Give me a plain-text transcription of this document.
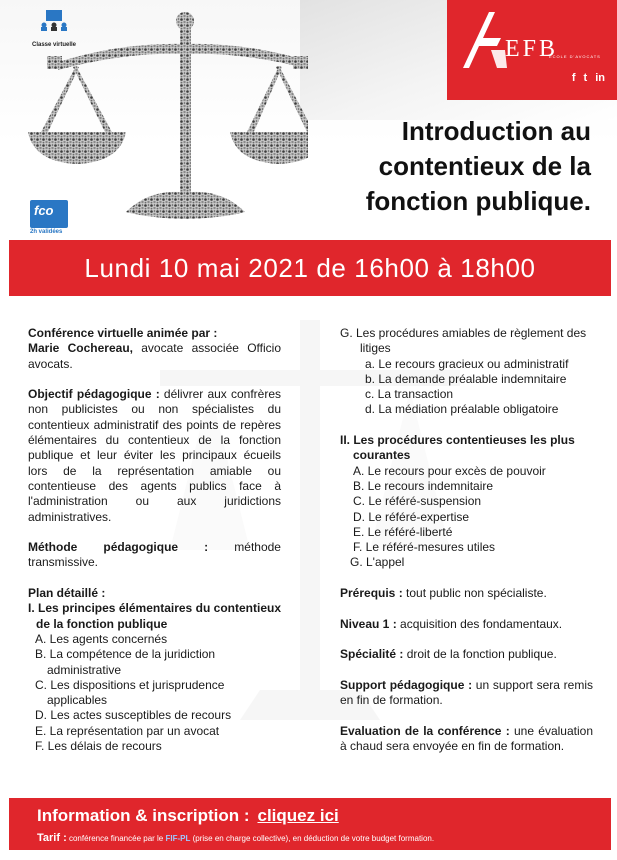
Classe virtuelle
fco
2h validées
EFB
ÉCOLE D'AVOCATS
f t in
Introduction au
contentieux de la
fonction publique.
Lundi 10 mai 2021 de 16h00 à 18h00
Conférence virtuelle animée par :
Marie Cochereau, avocate associée Officio avocats.
Objectif pédagogique : délivrer aux confrères non publicistes ou non spécialistes du contentieux administratif des points de repères élémentaires du contentieux de la fonction publique et leur éviter les principaux écueils lors de la représentation amiable ou contentieuse des agents publics face à l'administration ou aux juridictions administratives.
Méthode pédagogique : méthode transmissive.
Plan détaillé :
I. Les principes élémentaires du contentieux de la fonction publique
A. Les agents concernés
B. La compétence de la juridiction administrative
C. Les dispositions et jurisprudence applicables
D. Les actes susceptibles de recours
E. La représentation par un avocat
F. Les délais de recours
G. Les procédures amiables de règlement des litiges
a. Le recours gracieux ou administratif
b. La demande préalable indemnitaire
c. La transaction
d. La médiation préalable obligatoire
II. Les procédures contentieuses les plus courantes
A. Le recours pour excès de pouvoir
B. Le recours indemnitaire
C. Le référé-suspension
D. Le référé-expertise
E. Le référé-liberté
F. Le référé-mesures utiles
G. L'appel
Prérequis : tout public non spécialiste.
Niveau 1 : acquisition des fondamentaux.
Spécialité : droit de la fonction publique.
Support pédagogique : un support sera remis en fin de formation.
Evaluation de la conférence : une évaluation à chaud sera envoyée en fin de formation.
Information & inscription : cliquez ici
Tarif : conférence financée par le FIF-PL (prise en charge collective), en déduction de votre budget formation.
